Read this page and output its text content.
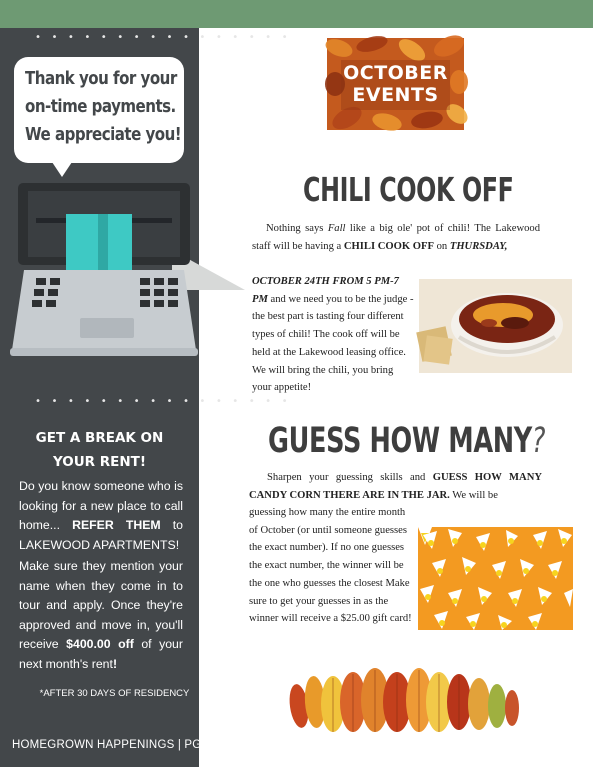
• • • • • • • • • • • • • • • •
Thank you for your
on-time payments.
We appreciate you!
• • • • • • • • • • • • • • • •
GET A BREAK ON
YOUR RENT!

Do you know someone who is looking for a new place to call home... REFER THEM to LAKEWOOD APARTMENTS!

Make sure they mention your name when they come in to tour and apply. Once they're approved and move in, you'll receive $400.00 off of your next month's rent!

*AFTER 30 DAYS OF RESIDENCY
HOMEGROWN HAPPENINGS | PG. 2
OCTOBER
EVENTS
CHILI COOK OFF

Nothing says Fall like a big ole' pot of chili! The Lakewood staff will be having a CHILI COOK OFF on THURSDAY,

OCTOBER 24TH FROM 5 PM-7 PM and we need you to be the judge - the best part is tasting four different types of chili! The cook off will be held at the Lakewood leasing office. We will bring the chili, you bring your appetite!

GUESS HOW MANY?

Sharpen your guessing skills and GUESS HOW MANY CANDY CORN THERE ARE IN THE JAR. We will be

guessing how many the entire month of October (or until someone guesses the exact number). If no one guesses the exact number, the winner will be the one who guesses the closest Make sure to get your guesses in as the winner will receive a $25.00 gift card!
